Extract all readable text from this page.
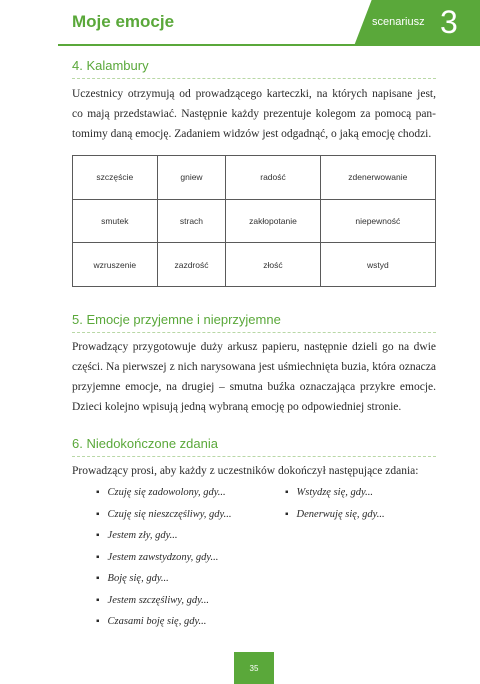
Moje emocje	scenariusz 3
4. Kalambury
Uczestnicy otrzymują od prowadzącego karteczki, na których napisane jest,
co mają przedstawiać. Następnie każdy prezentuje kolegom za pomocą pan-
tomimy daną emocję. Zadaniem widzów jest odgadnąć, o jaką emocję chodzi.
szczęście	gniew	radość	zdenerwowanie
smutek	strach	zakłopotanie	niepewność
wzruszenie	zazdrość	złość	wstyd
5. Emocje przyjemne i nieprzyjemne
Prowadzący przygotowuje duży arkusz papieru, następnie dzieli go na dwie
części. Na pierwszej z nich narysowana jest uśmiechnięta buzia, która oznacza
przyjemne emocje, na drugiej – smutna buźka oznaczająca przykre emocje.
Dzieci kolejno wpisują jedną wybraną emocję po odpowiedniej stronie.
6. Niedokończone zdania
Prowadzący prosi, aby każdy z uczestników dokończył następujące zdania:
▪ Czuję się zadowolony, gdy...
▪ Czuję się nieszczęśliwy, gdy...
▪ Jestem zły, gdy...
▪ Jestem zawstydzony, gdy...
▪ Boję się, gdy...
▪ Jestem szczęśliwy, gdy...
▪ Czasami boję się, gdy...
▪ Wstydzę się, gdy...
▪ Denerwuję się, gdy...
35
